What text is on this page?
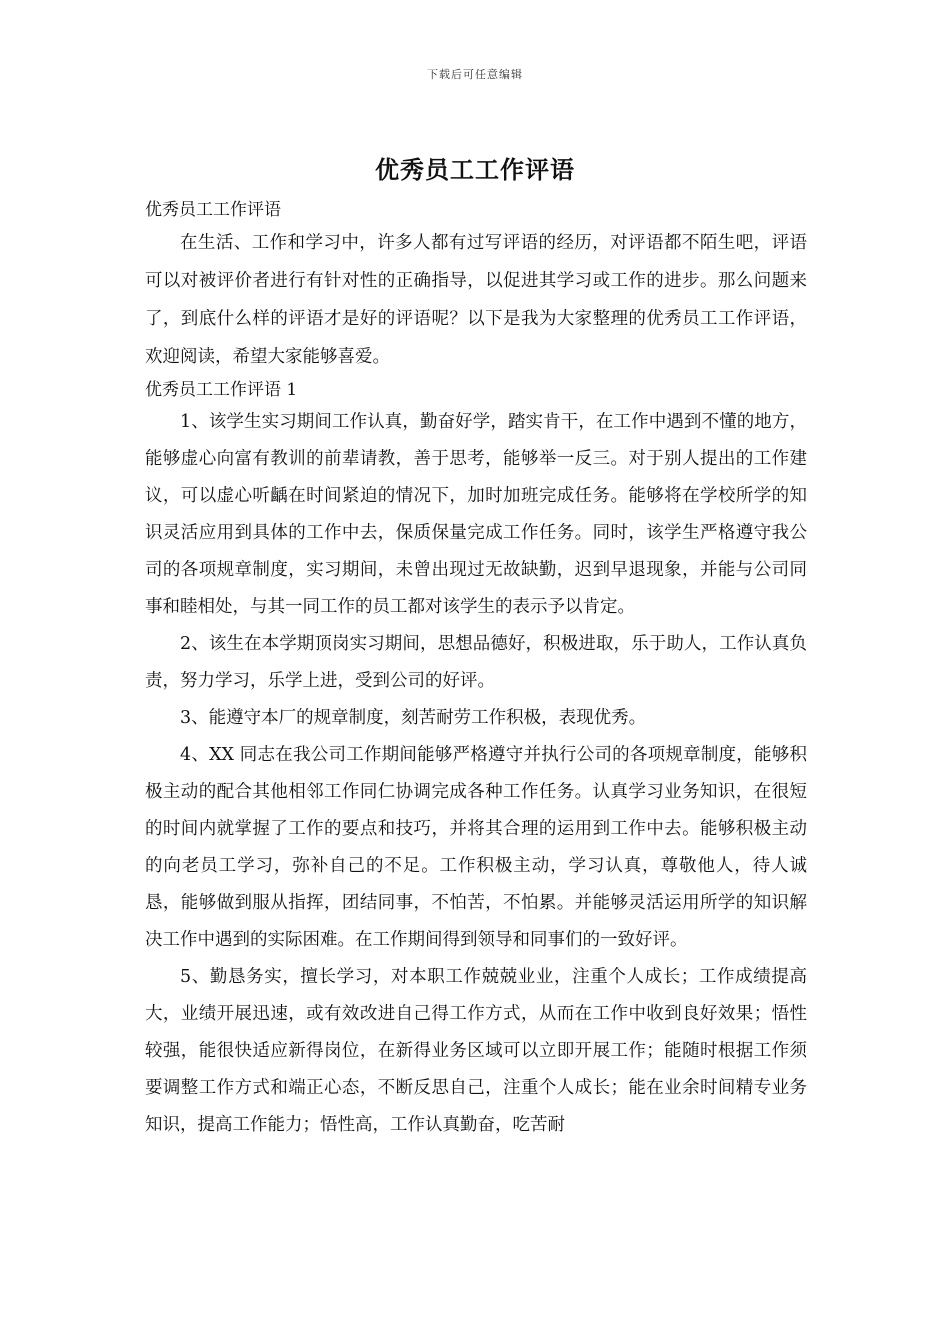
下载后可任意编辑
优秀员工工作评语

优秀员工工作评语

在生活、工作和学习中，许多人都有过写评语的经历，对评语都不陌生吧，评语可以对被评价者进行有针对性的正确指导，以促进其学习或工作的进步。那么问题来了，到底什么样的评语才是好的评语呢？以下是我为大家整理的优秀员工工作评语，欢迎阅读，希望大家能够喜爱。

优秀员工工作评语 1

1、该学生实习期间工作认真，勤奋好学，踏实肯干，在工作中遇到不懂的地方，能够虚心向富有教训的前辈请教，善于思考，能够举一反三。对于别人提出的工作建议，可以虚心听齲在时间紧迫的情况下，加时加班完成任务。能够将在学校所学的知识灵活应用到具体的工作中去，保质保量完成工作任务。同时，该学生严格遵守我公司的各项规章制度，实习期间，未曾出现过无故缺勤，迟到早退现象，并能与公司同事和睦相处，与其一同工作的员工都对该学生的表示予以肯定。

2、该生在本学期顶岗实习期间，思想品德好，积极进取，乐于助人，工作认真负责，努力学习，乐学上进，受到公司的好评。

3、能遵守本厂的规章制度，刻苦耐劳工作积极，表现优秀。

4、XX 同志在我公司工作期间能够严格遵守并执行公司的各项规章制度，能够积极主动的配合其他相邻工作同仁协调完成各种工作任务。认真学习业务知识，在很短的时间内就掌握了工作的要点和技巧，并将其合理的运用到工作中去。能够积极主动的向老员工学习，弥补自己的不足。工作积极主动，学习认真，尊敬他人，待人诚恳，能够做到服从指挥，团结同事，不怕苦，不怕累。并能够灵活运用所学的知识解决工作中遇到的实际困难。在工作期间得到领导和同事们的一致好评。

5、勤恳务实，擅长学习，对本职工作兢兢业业，注重个人成长；工作成绩提高大，业绩开展迅速，或有效改进自己得工作方式，从而在工作中收到良好效果；悟性较强，能很快适应新得岗位，在新得业务区域可以立即开展工作；能随时根据工作须要调整工作方式和端正心态，不断反思自己，注重个人成长；能在业余时间精专业务知识，提高工作能力；悟性高，工作认真勤奋，吃苦耐
